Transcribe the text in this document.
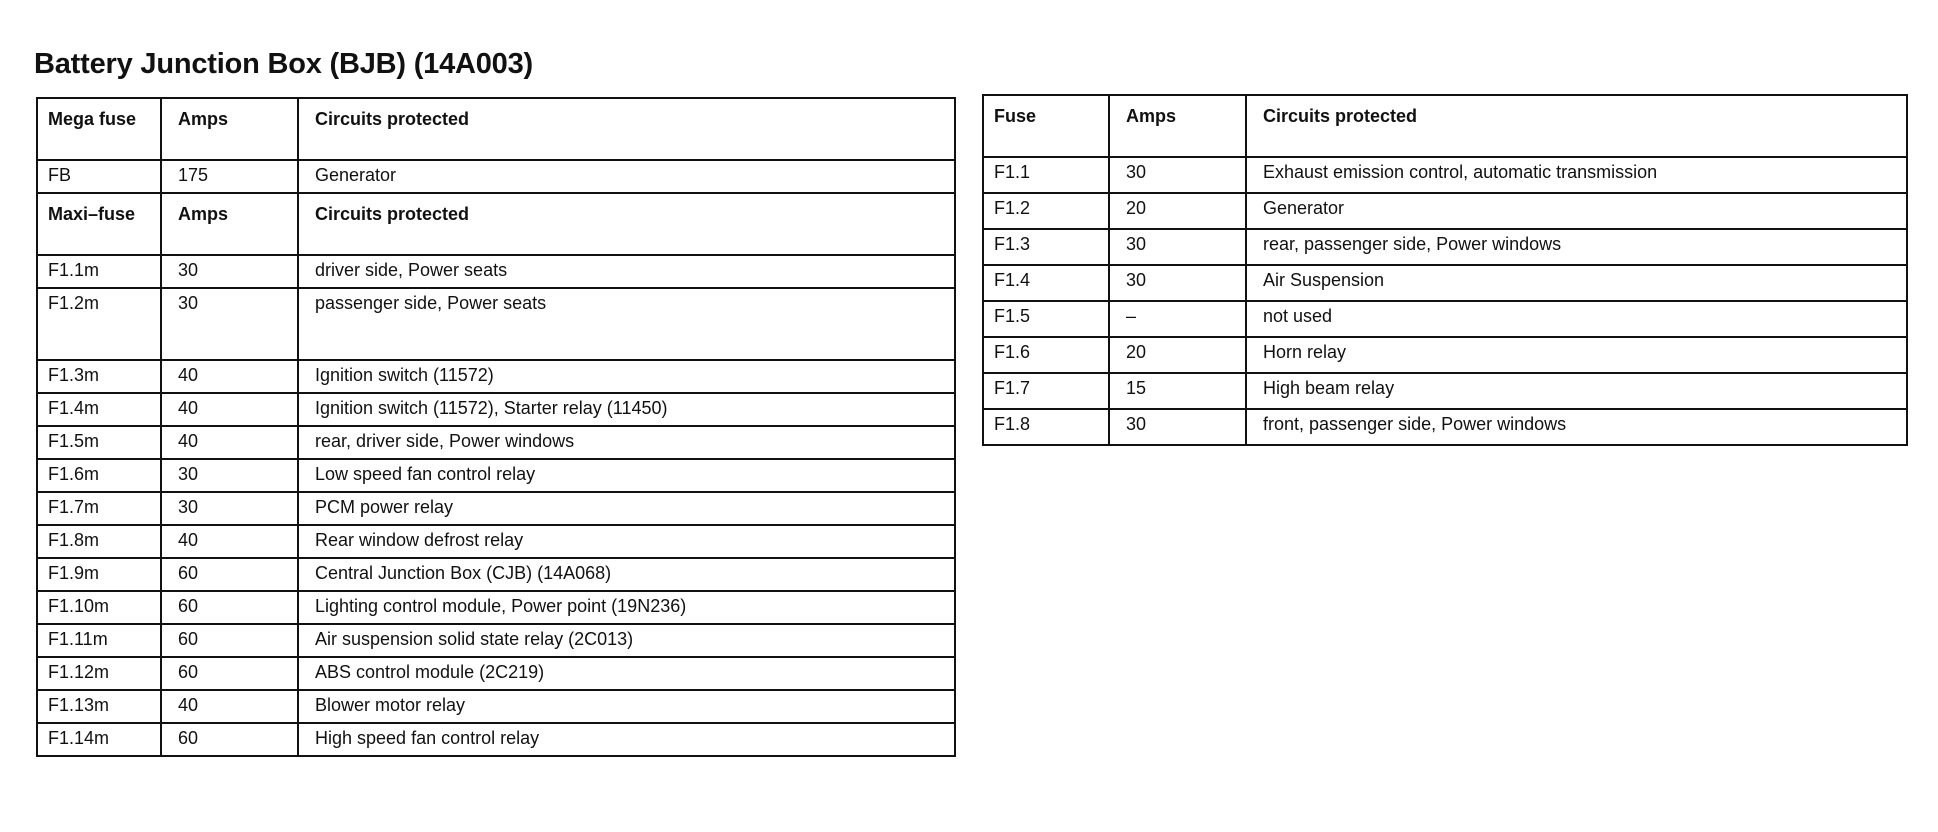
Battery Junction Box (BJB) (14A003)
Mega fuse	Amps	Circuits protected
FB	175	Generator
Maxi–fuse	Amps	Circuits protected
F1.1m	30	driver side, Power seats
F1.2m	30	passenger side, Power seats
F1.3m	40	Ignition switch (11572)
F1.4m	40	Ignition switch (11572), Starter relay (11450)
F1.5m	40	rear, driver side, Power windows
F1.6m	30	Low speed fan control relay
F1.7m	30	PCM power relay
F1.8m	40	Rear window defrost relay
F1.9m	60	Central Junction Box (CJB) (14A068)
F1.10m	60	Lighting control module, Power point (19N236)
F1.11m	60	Air suspension solid state relay (2C013)
F1.12m	60	ABS control module (2C219)
F1.13m	40	Blower motor relay
F1.14m	60	High speed fan control relay
Fuse	Amps	Circuits protected
F1.1	30	Exhaust emission control, automatic transmission
F1.2	20	Generator
F1.3	30	rear, passenger side, Power windows
F1.4	30	Air Suspension
F1.5	–	not used
F1.6	20	Horn relay
F1.7	15	High beam relay
F1.8	30	front, passenger side, Power windows
